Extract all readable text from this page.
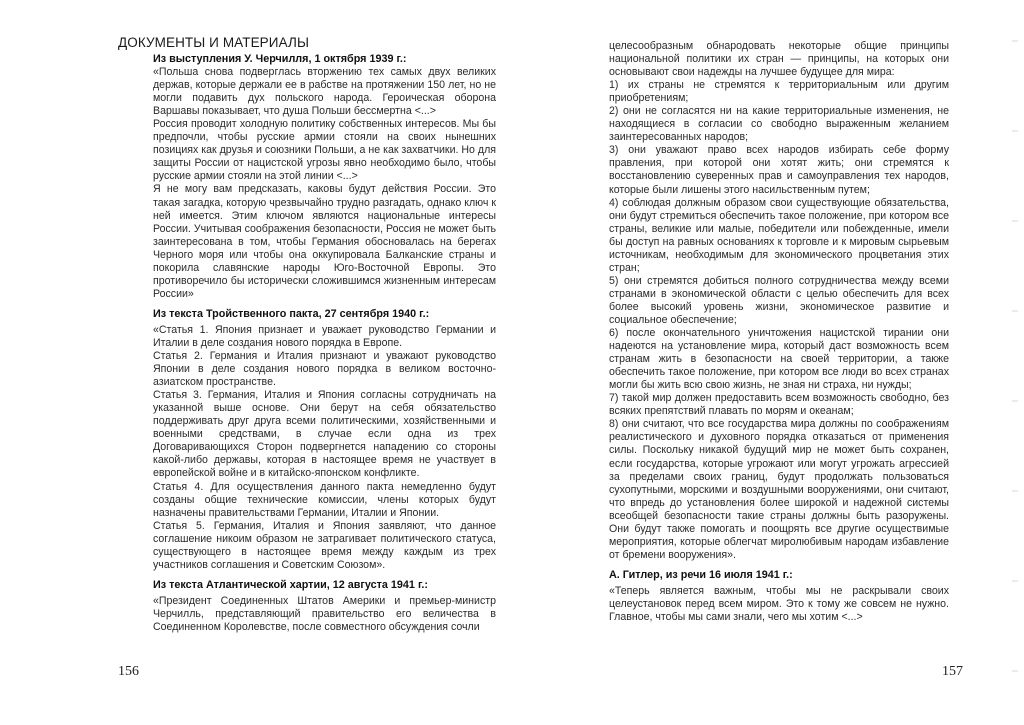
ДОКУМЕНТЫ И МАТЕРИАЛЫ

Из выступления У. Черчилля, 1 октября 1939 г.:

«Польша снова подверглась вторжению тех самых двух великих держав, которые держали ее в рабстве на протяжении 150 лет, но не могли подавить дух польского народа. Героическая оборона Варшавы показывает, что душа Польши бессмертна <...>

Россия проводит холодную политику собственных интересов. Мы бы предпочли, чтобы русские армии стояли на своих нынешних позициях как друзья и союзники Польши, а не как захватчики. Но для защиты России от нацистской угрозы явно необходимо было, чтобы русские армии стояли на этой линии <...>

Я не могу вам предсказать, каковы будут действия России. Это такая загадка, которую чрезвычайно трудно разгадать, однако ключ к ней имеется. Этим ключом являются национальные интересы России. Учитывая соображения безопасности, Россия не может быть заинтересована в том, чтобы Германия обосновалась на берегах Черного моря или чтобы она оккупировала Балканские страны и покорила славянские народы Юго-Восточной Европы. Это противоречило бы исторически сложившимся жизненным интересам России»

Из текста Тройственного пакта, 27 сентября 1940 г.:

«Статья 1. Япония признает и уважает руководство Германии и Италии в деле создания нового порядка в Европе.

Статья 2. Германия и Италия признают и уважают руководство Японии в деле создания нового порядка в великом восточно-азиатском пространстве.

Статья 3. Германия, Италия и Япония согласны сотрудничать на указанной выше основе. Они берут на себя обязательство поддерживать друг друга всеми политическими, хозяйственными и военными средствами, в случае если одна из трех Договаривающихся Сторон подвергнется нападению со стороны какой-либо державы, которая в настоящее время не участвует в европейской войне и в китайско-японском конфликте.

Статья 4. Для осуществления данного пакта немедленно будут созданы общие технические комиссии, члены которых будут назначены правительствами Германии, Италии и Японии.

Статья 5. Германия, Италия и Япония заявляют, что данное соглашение никоим образом не затрагивает политического статуса, существующего в настоящее время между каждым из трех участников соглашения и Советским Союзом».

Из текста Атлантической хартии, 12 августа 1941 г.:

«Президент Соединенных Штатов Америки и премьер-министр Черчилль, представляющий правительство его величества в Соединенном Королевстве, после совместного обсуждения сочли

156

целесообразным обнародовать некоторые общие принципы национальной политики их стран — принципы, на которых они основывают свои надежды на лучшее будущее для мира:

1) их страны не стремятся к территориальным или другим приобретениям;

2) они не согласятся ни на какие территориальные изменения, не находящиеся в согласии со свободно выраженным желанием заинтересованных народов;

3) они уважают право всех народов избирать себе форму правления, при которой они хотят жить; они стремятся к восстановлению суверенных прав и самоуправления тех народов, которые были лишены этого насильственным путем;

4) соблюдая должным образом свои существующие обязательства, они будут стремиться обеспечить такое положение, при котором все страны, великие или малые, победители или побежденные, имели бы доступ на равных основаниях к торговле и к мировым сырьевым источникам, необходимым для экономического процветания этих стран;

5) они стремятся добиться полного сотрудничества между всеми странами в экономической области с целью обеспечить для всех более высокий уровень жизни, экономическое развитие и социальное обеспечение;

6) после окончательного уничтожения нацистской тирании они надеются на установление мира, который даст возможность всем странам жить в безопасности на своей территории, а также обеспечить такое положение, при котором все люди во всех странах могли бы жить всю свою жизнь, не зная ни страха, ни нужды;

7) такой мир должен предоставить всем возможность свободно, без всяких препятствий плавать по морям и океанам;

8) они считают, что все государства мира должны по соображениям реалистического и духовного порядка отказаться от применения силы. Поскольку никакой будущий мир не может быть сохранен, если государства, которые угрожают или могут угрожать агрессией за пределами своих границ, будут продолжать пользоваться сухопутными, морскими и воздушными вооружениями, они считают, что впредь до установления более широкой и надежной системы всеобщей безопасности такие страны должны быть разоружены. Они будут также помогать и поощрять все другие осуществимые мероприятия, которые облегчат миролюбивым народам избавление от бремени вооружения».

А. Гитлер, из речи 16 июля 1941 г.:

«Теперь является важным, чтобы мы не раскрывали своих целеустановок перед всем миром. Это к тому же совсем не нужно. Главное, чтобы мы сами знали, чего мы хотим <...>

157
